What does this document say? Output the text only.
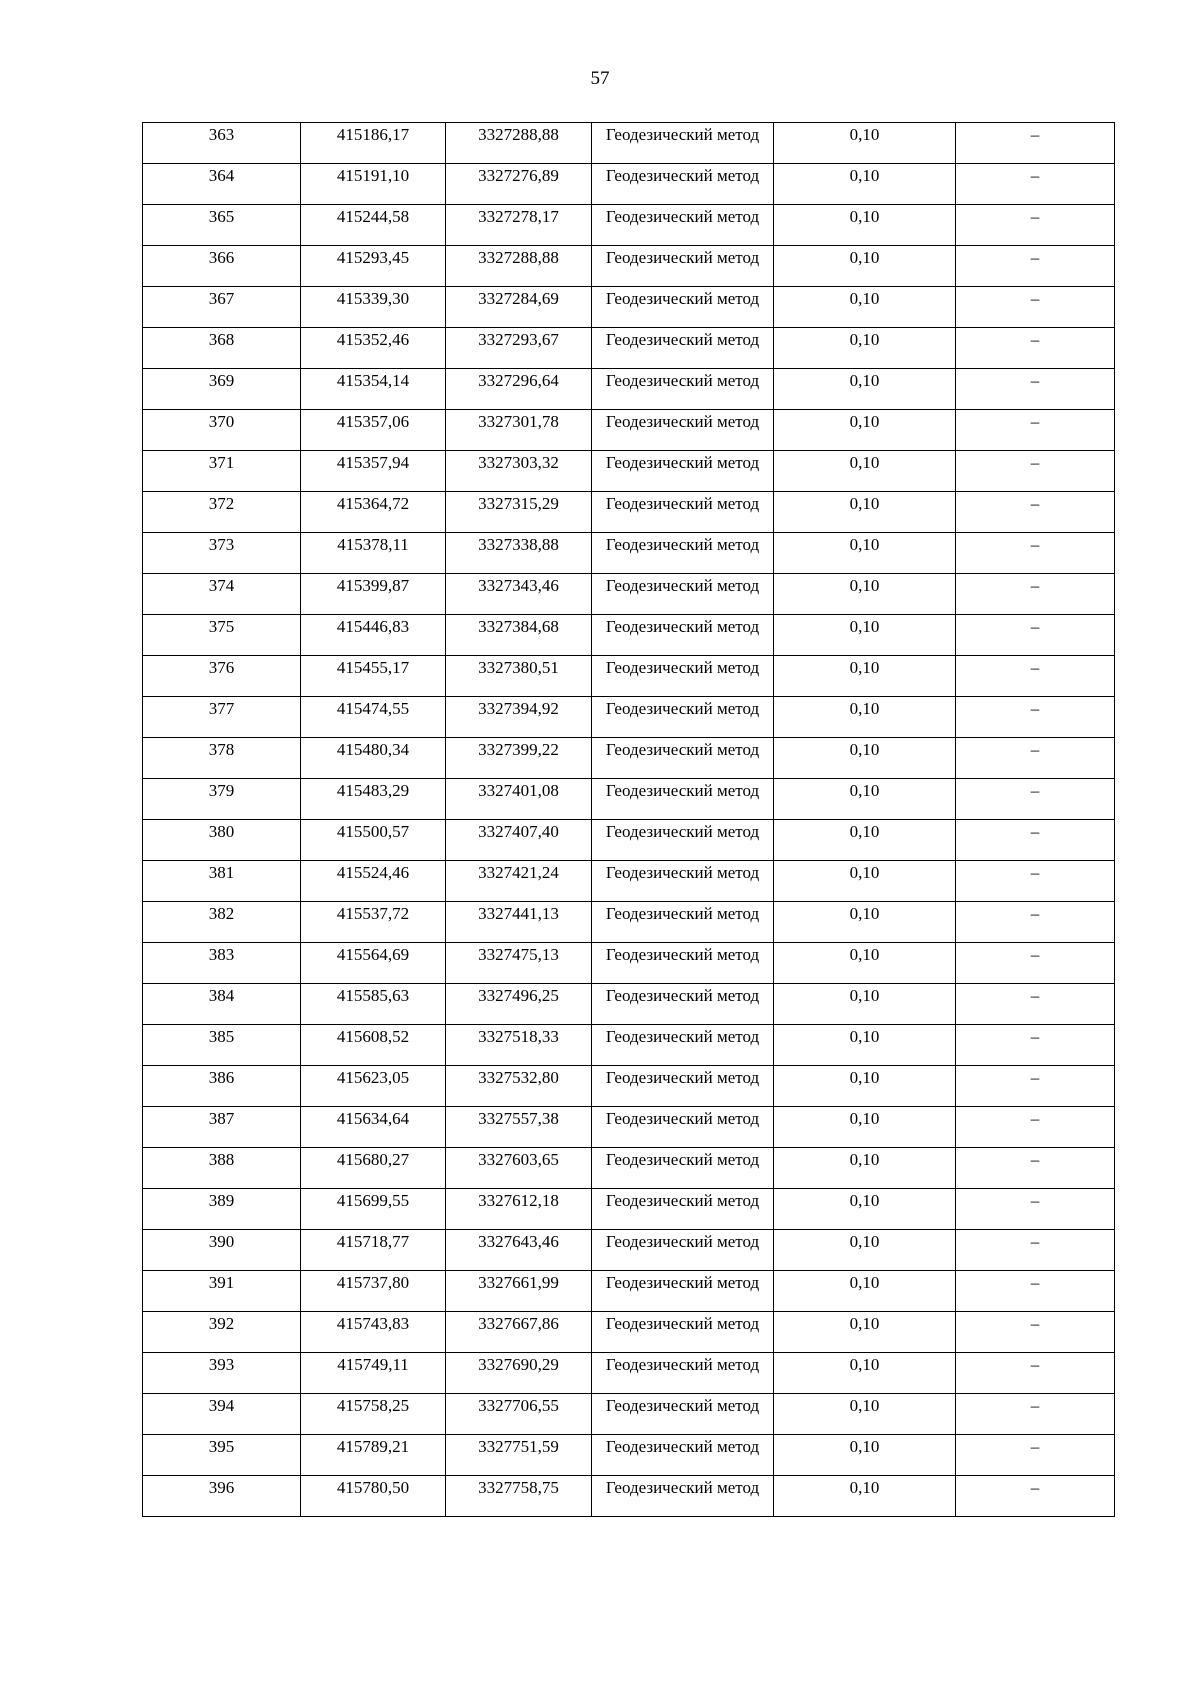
57
363	415186,17	3327288,88	Геодезический метод	0,10	–
364	415191,10	3327276,89	Геодезический метод	0,10	–
365	415244,58	3327278,17	Геодезический метод	0,10	–
366	415293,45	3327288,88	Геодезический метод	0,10	–
367	415339,30	3327284,69	Геодезический метод	0,10	–
368	415352,46	3327293,67	Геодезический метод	0,10	–
369	415354,14	3327296,64	Геодезический метод	0,10	–
370	415357,06	3327301,78	Геодезический метод	0,10	–
371	415357,94	3327303,32	Геодезический метод	0,10	–
372	415364,72	3327315,29	Геодезический метод	0,10	–
373	415378,11	3327338,88	Геодезический метод	0,10	–
374	415399,87	3327343,46	Геодезический метод	0,10	–
375	415446,83	3327384,68	Геодезический метод	0,10	–
376	415455,17	3327380,51	Геодезический метод	0,10	–
377	415474,55	3327394,92	Геодезический метод	0,10	–
378	415480,34	3327399,22	Геодезический метод	0,10	–
379	415483,29	3327401,08	Геодезический метод	0,10	–
380	415500,57	3327407,40	Геодезический метод	0,10	–
381	415524,46	3327421,24	Геодезический метод	0,10	–
382	415537,72	3327441,13	Геодезический метод	0,10	–
383	415564,69	3327475,13	Геодезический метод	0,10	–
384	415585,63	3327496,25	Геодезический метод	0,10	–
385	415608,52	3327518,33	Геодезический метод	0,10	–
386	415623,05	3327532,80	Геодезический метод	0,10	–
387	415634,64	3327557,38	Геодезический метод	0,10	–
388	415680,27	3327603,65	Геодезический метод	0,10	–
389	415699,55	3327612,18	Геодезический метод	0,10	–
390	415718,77	3327643,46	Геодезический метод	0,10	–
391	415737,80	3327661,99	Геодезический метод	0,10	–
392	415743,83	3327667,86	Геодезический метод	0,10	–
393	415749,11	3327690,29	Геодезический метод	0,10	–
394	415758,25	3327706,55	Геодезический метод	0,10	–
395	415789,21	3327751,59	Геодезический метод	0,10	–
396	415780,50	3327758,75	Геодезический метод	0,10	–
